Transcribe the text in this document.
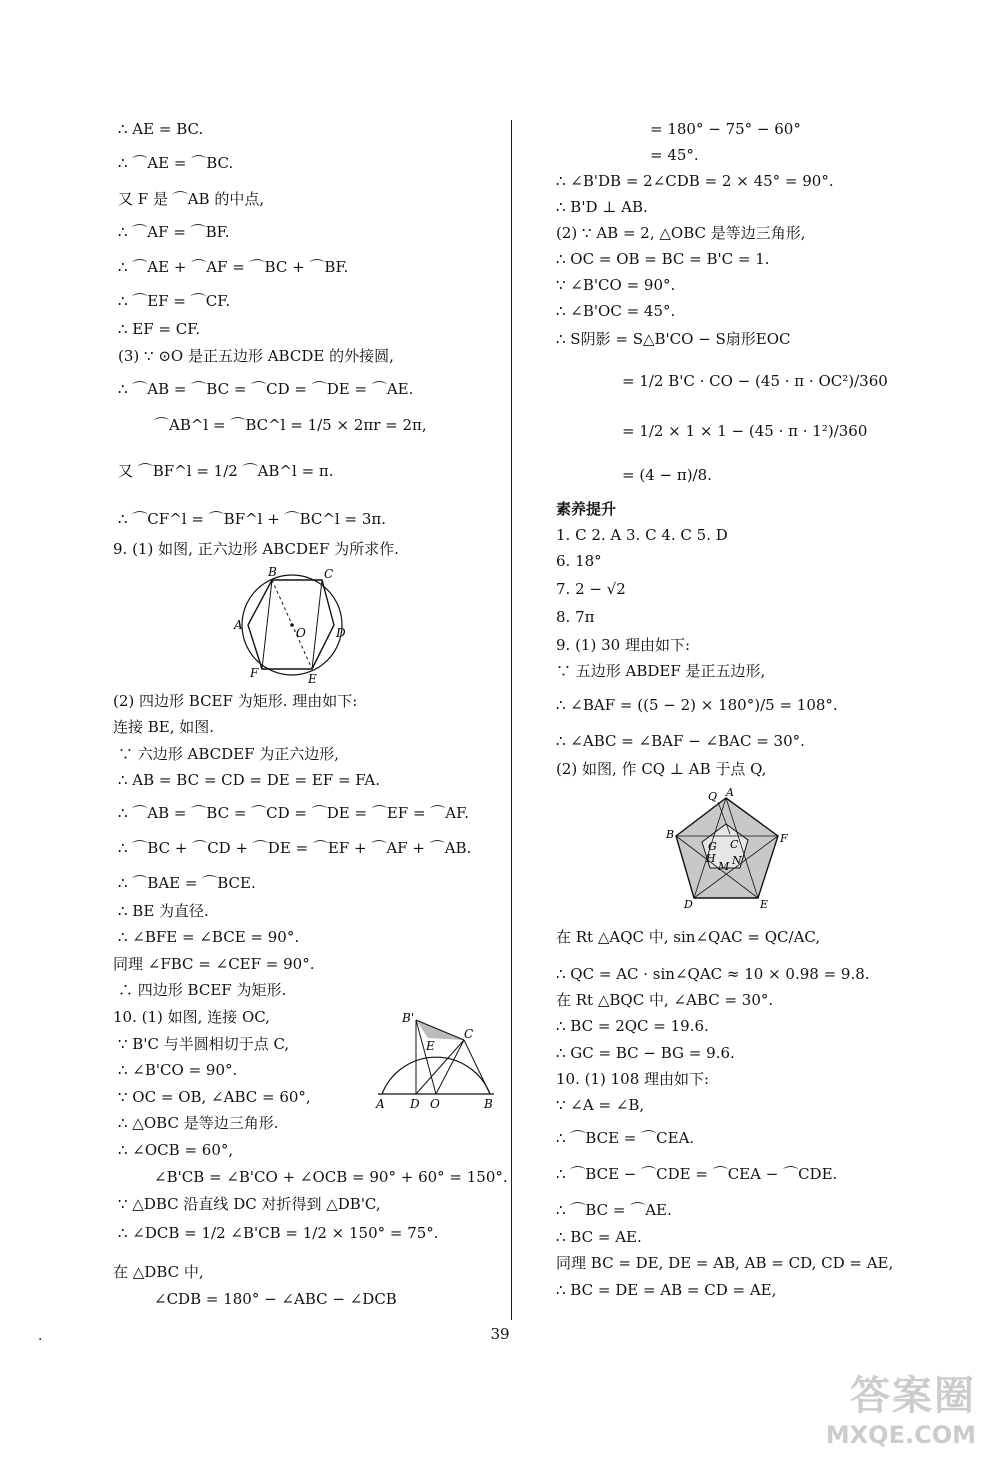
∴ AE = BC.
∴ ⌒AE = ⌒BC.
又 F 是 ⌒AB 的中点,
∴ ⌒AF = ⌒BF.
∴ ⌒AE + ⌒AF = ⌒BC + ⌒BF.
∴ ⌒EF = ⌒CF.
∴ EF = CF.
(3) ∵ ⊙O 是正五边形 ABCDE 的外接圆,
∴ ⌒AB = ⌒BC = ⌒CD = ⌒DE = ⌒AE.
⌒AB^l = ⌒BC^l = 1/5 × 2πr = 2π,
又 ⌒BF^l = 1/2 ⌒AB^l = π.
∴ ⌒CF^l = ⌒BF^l + ⌒BC^l = 3π.
9. (1) 如图, 正六边形 ABCDEF 为所求作.
A
B	C
D
E
F
O
(2) 四边形 BCEF 为矩形. 理由如下:
连接 BE, 如图.
∵ 六边形 ABCDEF 为正六边形,
∴ AB = BC = CD = DE = EF = FA.
∴ ⌒AB = ⌒BC = ⌒CD = ⌒DE = ⌒EF = ⌒AF.
∴ ⌒BC + ⌒CD + ⌒DE = ⌒EF + ⌒AF + ⌒AB.
∴ ⌒BAE = ⌒BCE.
∴ BE 为直径.
∴ ∠BFE = ∠BCE = 90°.
同理 ∠FBC = ∠CEF = 90°.
∴ 四边形 BCEF 为矩形.
10. (1) 如图, 连接 OC,
∵ B'C 与半圆相切于点 C,
∴ ∠B'CO = 90°.
∵ OC = OB, ∠ABC = 60°,
∴ △OBC 是等边三角形.
∴ ∠OCB = 60°,
∠B'CB = ∠B'CO + ∠OCB = 90° + 60° = 150°.
∵ △DBC 沿直线 DC 对折得到 △DB'C,
∴ ∠DCB = 1/2 ∠B'CB = 1/2 × 150° = 75°.
在 △DBC 中,
∠CDB = 180° − ∠ABC − ∠DCB
A	B
B'
C
D
E
O
= 180° − 75° − 60°
= 45°.
∴ ∠B'DB = 2∠CDB = 2 × 45° = 90°.
∴ B'D ⊥ AB.
(2) ∵ AB = 2, △OBC 是等边三角形,
∴ OC = OB = BC = B'C = 1.
∵ ∠B'CO = 90°.
∴ ∠B'OC = 45°.
∴ S阴影 = S△B'CO − S扇形EOC
= 1/2 B'C · CO − (45 · π · OC²)/360
= 1/2 × 1 × 1 − (45 · π · 1²)/360
= (4 − π)/8.
素养提升
1. C 2. A 3. C 4. C 5. D
6. 18°
7. 2 − √2
8. 7π
9. (1) 30 理由如下:
∵ 五边形 ABDEF 是正五边形,
∴ ∠BAF = ((5 − 2) × 180°)/5 = 108°.
∴ ∠ABC = ∠BAF − ∠BAC = 30°.
(2) 如图, 作 CQ ⊥ AB 于点 Q,
在 Rt △AQC 中, sin∠QAC = QC/AC,
∴ QC = AC · sin∠QAC ≈ 10 × 0.98 = 9.8.
在 Rt △BQC 中, ∠ABC = 30°.
∴ BC = 2QC = 19.6.
∴ GC = BC − BG = 9.6.
10. (1) 108 理由如下:
∵ ∠A = ∠B,
∴ ⌒BCE = ⌒CEA.
∴ ⌒BCE − ⌒CDE = ⌒CEA − ⌒CDE.
∴ ⌒BC = ⌒AE.
∴ BC = AE.
同理 BC = DE, DE = AB, AB = CD, CD = AE,
∴ BC = DE = AB = CD = AE,
A
B
C
D	E
F
G
H
M N
Q
·	39
答案圈
MXQE.COM
